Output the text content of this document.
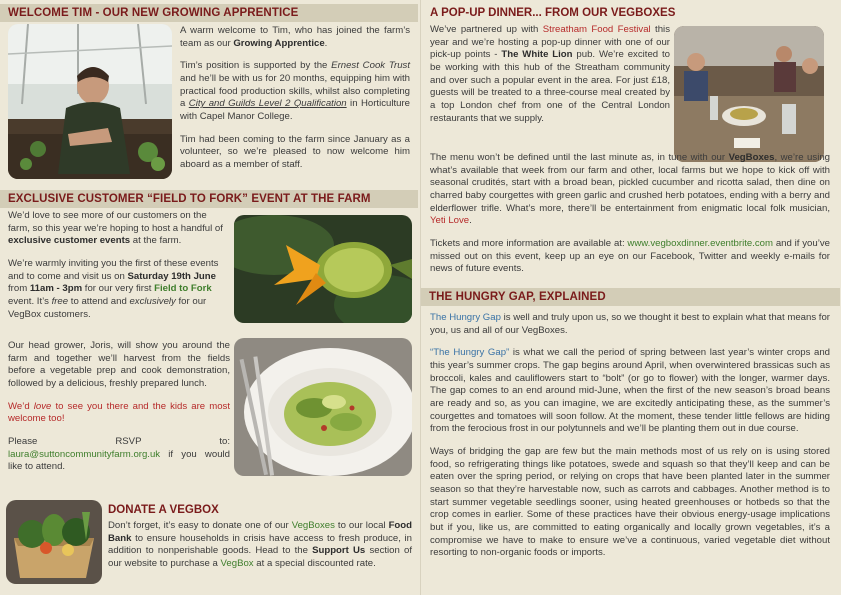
WELCOME TIM - OUR NEW GROWING APPRENTICE

A warm welcome to Tim, who has joined the farm’s team as our Growing Apprentice.

Tim’s position is supported by the Ernest Cook Trust and he’ll be with us for 20 months, equipping him with practical food production skills, whilst also completing a City and Guilds Level 2 Qualification in Horticulture with Capel Manor College.

Tim had been coming to the farm since January as a volunteer, so we’re pleased to now welcome him aboard as a member of staff.

EXCLUSIVE CUSTOMER “FIELD TO FORK” EVENT AT THE FARM

We’d love to see more of our customers on the farm, so this year we’re hoping to host a handful of exclusive customer events at the farm.

We’re warmly inviting you the first of these events and to come and visit us on Saturday 19th June from 11am - 3pm for our very first Field to Fork event. It’s free to attend and exclusively for our VegBox customers.

Our head grower, Joris, will show you around the farm and together we’ll harvest from the fields before a vegetable prep and cook demonstration, followed by a delicious, freshly prepared lunch.

We’d love to see you there and the kids are most welcome too!

Please RSVP to: laura@suttoncommunityfarm.org.uk if you would like to attend.

DONATE A VEGBOX

Don’t forget, it’s easy to donate one of our VegBoxes to our local Food Bank to ensure households in crisis have access to fresh produce, in addition to nonperishable goods. Head to the Support Us section of our website to purchase a VegBox at a special discounted rate.

A POP-UP DINNER... FROM OUR VEGBOXES

We’ve partnered up with Streatham Food Festival this year and we’re hosting a pop-up dinner with one of our pick-up points - The White Lion pub. We’re excited to be working with this hub of the Streatham community and over such a popular event in the area. For just £18, guests will be treated to a three-course meal created by a top London chef from one of the Central London restaurants that we supply.

The menu won’t be defined until the last minute as, in tune with our VegBoxes, we’re using what’s available that week from our farm and other, local farms but we hope to kick off with seasonal crudités, start with a broad bean, pickled cucumber and ricotta salad, then dine on charred baby courgettes with green garlic and crushed herb potatoes, ending with a berry and elderflower trifle. What’s more, there’ll be entertainment from enigmatic local folk musician, Yeti Love.

Tickets and more information are available at: www.vegboxdinner.eventbrite.com and if you’ve missed out on this event, keep up an eye on our Facebook, Twitter and weekly e-mails for news of future events.

THE HUNGRY GAP, EXPLAINED

The Hungry Gap is well and truly upon us, so we thought it best to explain what that means for you, us and all of our VegBoxes.

“The Hungry Gap” is what we call the period of spring between last year’s winter crops and this year’s summer crops. The gap begins around April, when overwintered brassicas such as broccoli, kales and cauliflowers start to “bolt” (or go to flower) with the longer, warmer days. The gap comes to an end around mid-June, when the first of the new season’s broad beans are ready and so, as you can imagine, we are excitedly anticipating these, as the summer’s courgettes and tomatoes will soon follow. At the moment, these tender little fellows are hiding from the ferocious frost in our polytunnels and we’ll be planting them out in due course.

Ways of bridging the gap are few but the main methods most of us rely on is using stored food, so refrigerating things like potatoes, swede and squash so that they’ll keep and can be eaten over the spring period, or relying on crops that have been planted later in the summer season so that they’re harvestable now, such as carrots and cabbages. Another method is to start summer vegetable seedlings sooner, using heated greenhouses or hotbeds so that the crop comes in earlier. Some of these practices have their obvious energy-usage implications but if you, like us, are committed to eating organically and locally grown vegetables, it’s a compromise we have to make to ensure we’ve a continuous, varied vegetable diet without resorting to non-organic foods or imports.
